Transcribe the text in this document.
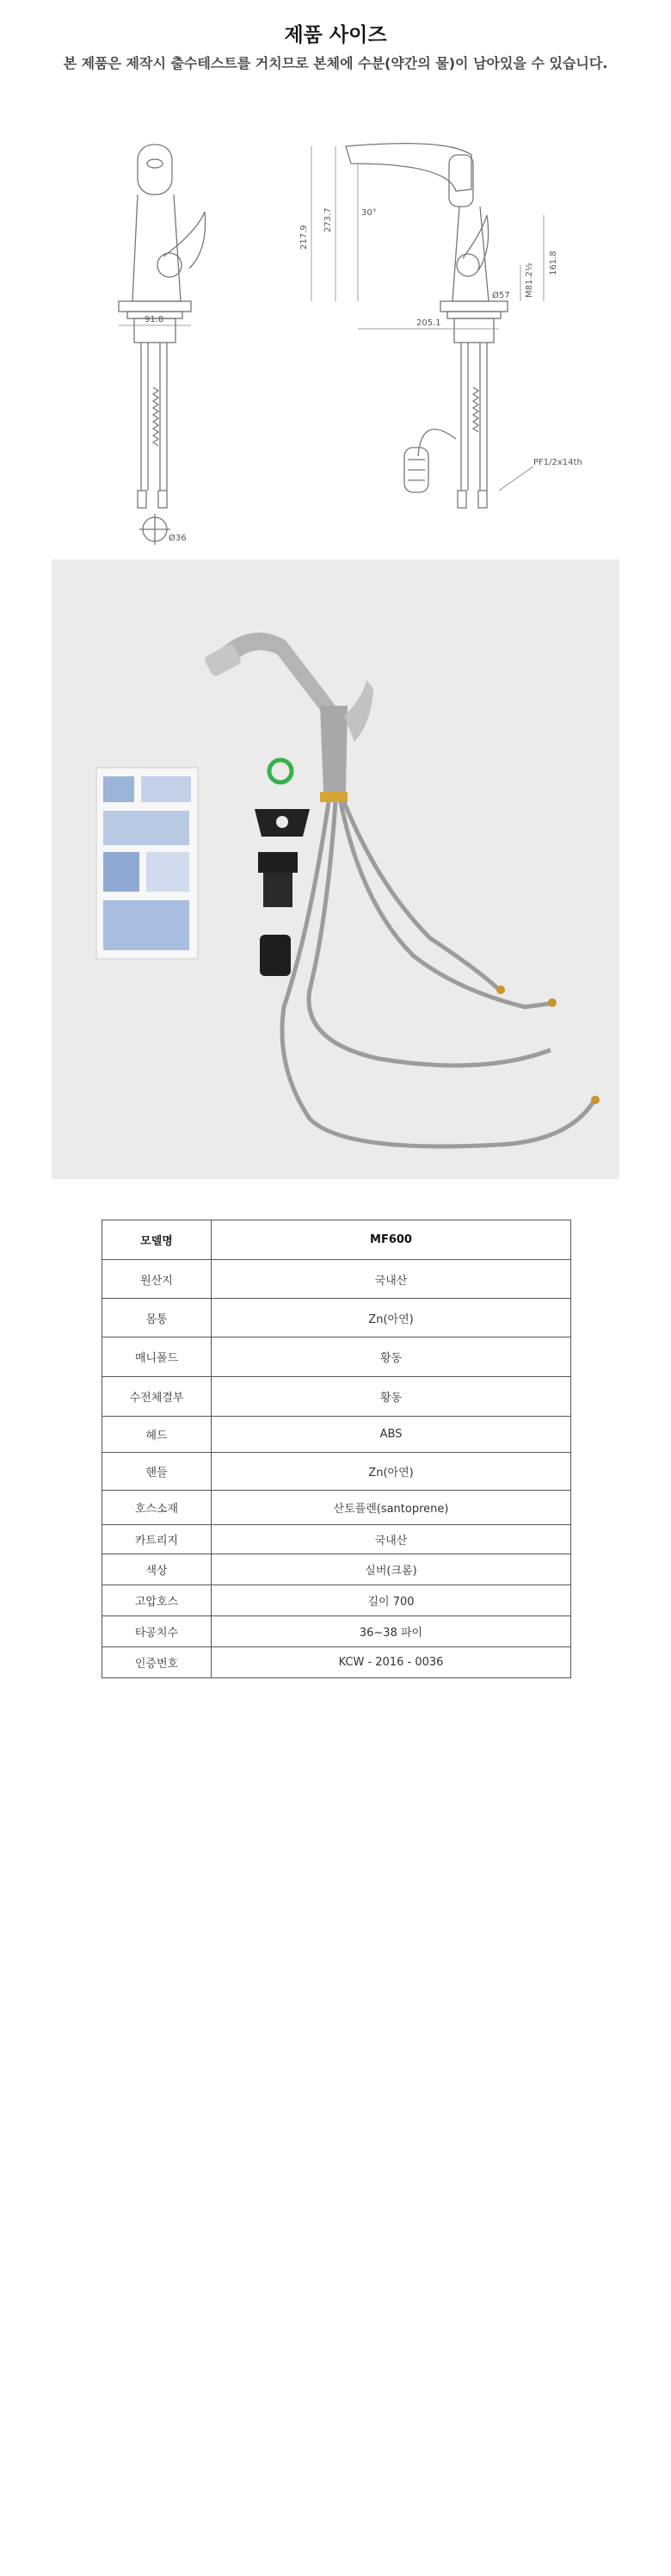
제품 사이즈
본 제품은 제작시 출수테스트를 거치므로 본체에 수분(약간의 물)이 남아있을 수 있습니다.
91.8
Ø36
273.7
217.9
30°
205.1
Ø57
161.8
M81.2½
PF1/2x14th
모델명	MF600
원산지	국내산
몸통	Zn(아연)
매니폴드	황동
수전체결부	황동
헤드	ABS
핸들	Zn(아연)
호스소재	산토플렌(santoprene)
카트리지	국내산
색상	실버(크롬)
고압호스	길이 700
타공치수	36~38 파이
인증번호	KCW - 2016 - 0036
